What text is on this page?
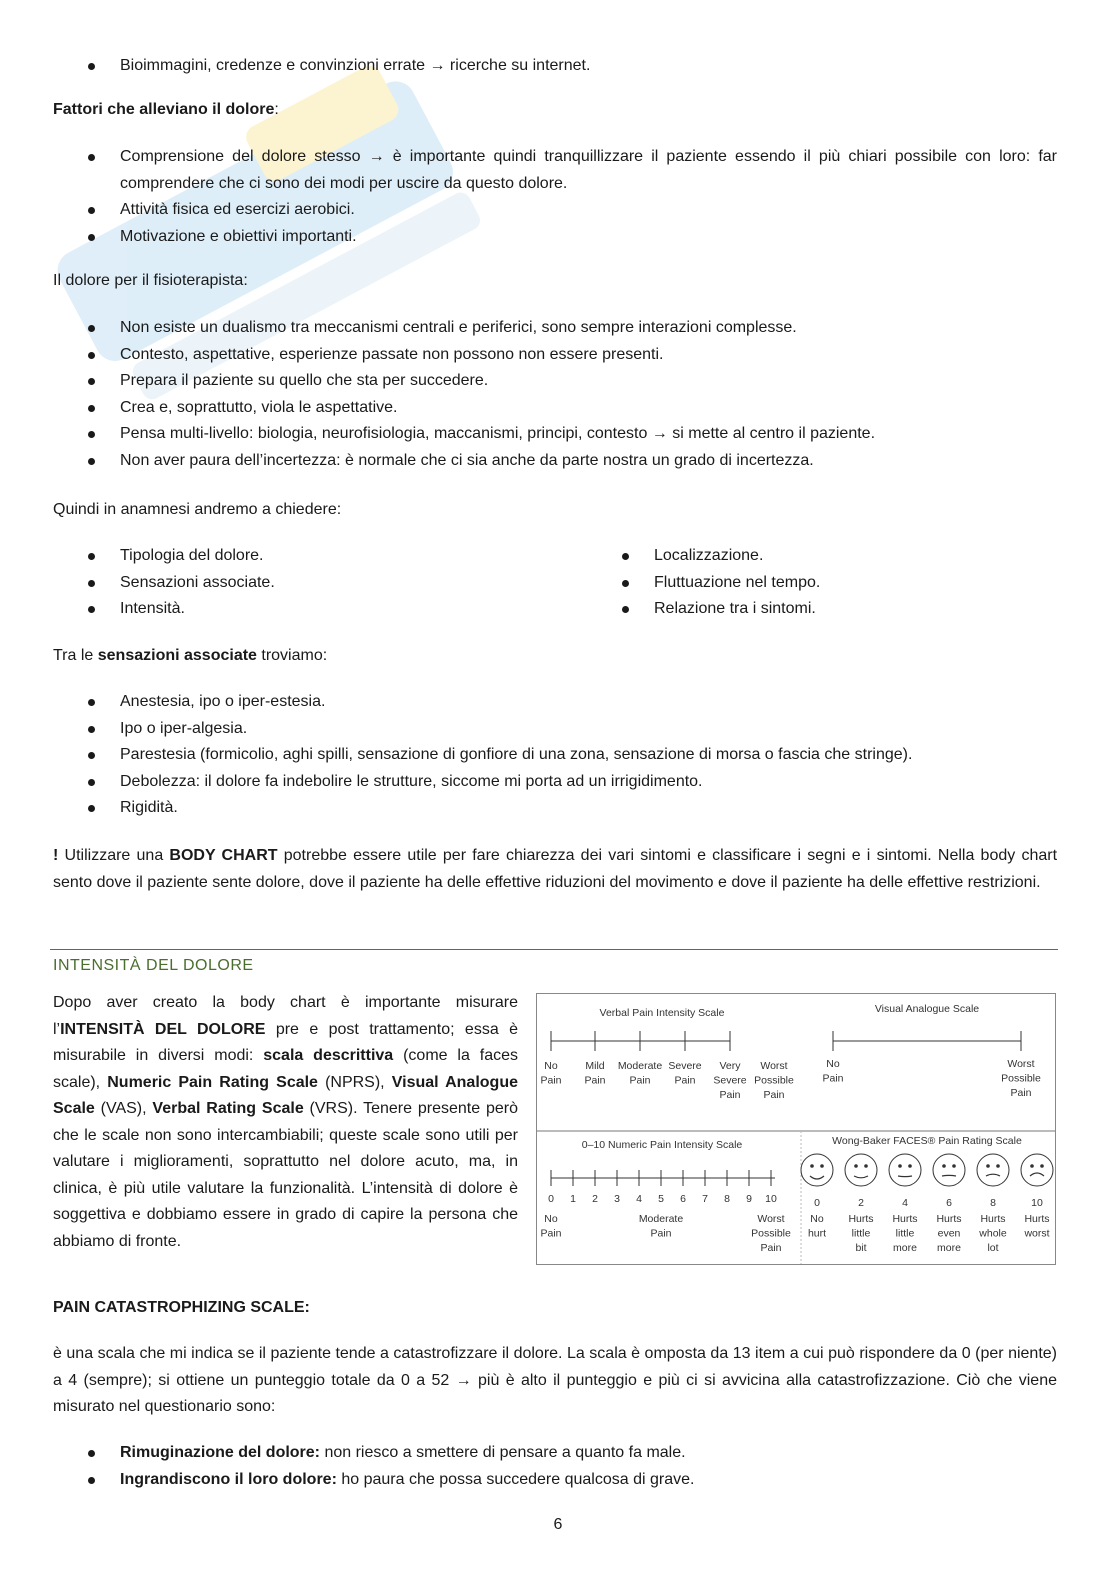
Bioimmagini, credenze e convinzioni errate → ricerche su internet.

Fattori che alleviano il dolore:

Comprensione del dolore stesso → è importante quindi tranquillizzare il paziente essendo il più chiari possibile con loro: far comprendere che ci sono dei modi per uscire da questo dolore.
Attività fisica ed esercizi aerobici.
Motivazione e obiettivi importanti.

Il dolore per il fisioterapista:

Non esiste un dualismo tra meccanismi centrali e periferici, sono sempre interazioni complesse.
Contesto, aspettative, esperienze passate non possono non essere presenti.
Prepara il paziente su quello che sta per succedere.
Crea e, soprattutto, viola le aspettative.
Pensa multi-livello: biologia, neurofisiologia, maccanismi, principi, contesto → si mette al centro il paziente.
Non aver paura dell’incertezza: è normale che ci sia anche da parte nostra un grado di incertezza.

Quindi in anamnesi andremo a chiedere:

Tipologia del dolore.
Sensazioni associate.
Intensità.
Localizzazione.
Fluttuazione nel tempo.
Relazione tra i sintomi.

Tra le sensazioni associate troviamo:

Anestesia, ipo o iper-estesia.
Ipo o iper-algesia.
Parestesia (formicolio, aghi spilli, sensazione di gonfiore di una zona, sensazione di morsa o fascia che stringe).
Debolezza: il dolore fa indebolire le strutture, siccome mi porta ad un irrigidimento.
Rigidità.

! Utilizzare una BODY CHART potrebbe essere utile per fare chiarezza dei vari sintomi e classificare i segni e i sintomi. Nella body chart sento dove il paziente sente dolore, dove il paziente ha delle effettive riduzioni del movimento e dove il paziente ha delle effettive restrizioni.

INTENSITÀ DEL DOLORE

Dopo aver creato la body chart è importante misurare l’INTENSITÀ DEL DOLORE pre e post trattamento; essa è misurabile in diversi modi: scala descrittiva (come la faces scale), Numeric Pain Rating Scale (NPRS), Visual Analogue Scale (VAS), Verbal Rating Scale (VRS). Tenere presente però che le scale non sono intercambiabili; queste scale sono utili per valutare i miglioramenti, soprattutto nel dolore acuto, ma, in clinica, è più utile valutare la funzionalità. L’intensità di dolore è soggettiva e dobbiamo essere in grado di capire la persona che abbiamo di fronte.

PAIN CATASTROPHIZING SCALE:

è una scala che mi indica se il paziente tende a catastrofizzare il dolore. La scala è omposta da 13 item a cui può rispondere da 0 (per niente) a 4 (sempre); si ottiene un punteggio totale da 0 a 52 → più è alto il punteggio e più ci si avvicina alla catastrofizzazione. Ciò che viene misurato nel questionario sono:

Rimuginazione del dolore: non riesco a smettere di pensare a quanto fa male.
Ingrandiscono il loro dolore: ho paura che possa succedere qualcosa di grave.
Verbal Pain Intensity Scale
No
Pain
Mild
Pain
Moderate
Pain
Severe
Pain
Very
Severe
Pain
Worst
Possible
Pain
Visual Analogue Scale
No
Pain
Worst
Possible
Pain
0–10 Numeric Pain Intensity Scale
0 1 2 3 4 5 6 7 8 9 10
No
Pain
Moderate
Pain
Worst
Possible
Pain
Wong-Baker FACES® Pain Rating Scale
0
No
hurt
2
Hurts
little
bit
4
Hurts
little
more
6
Hurts
even
more
8
Hurts
whole
lot
10
Hurts
worst
6
